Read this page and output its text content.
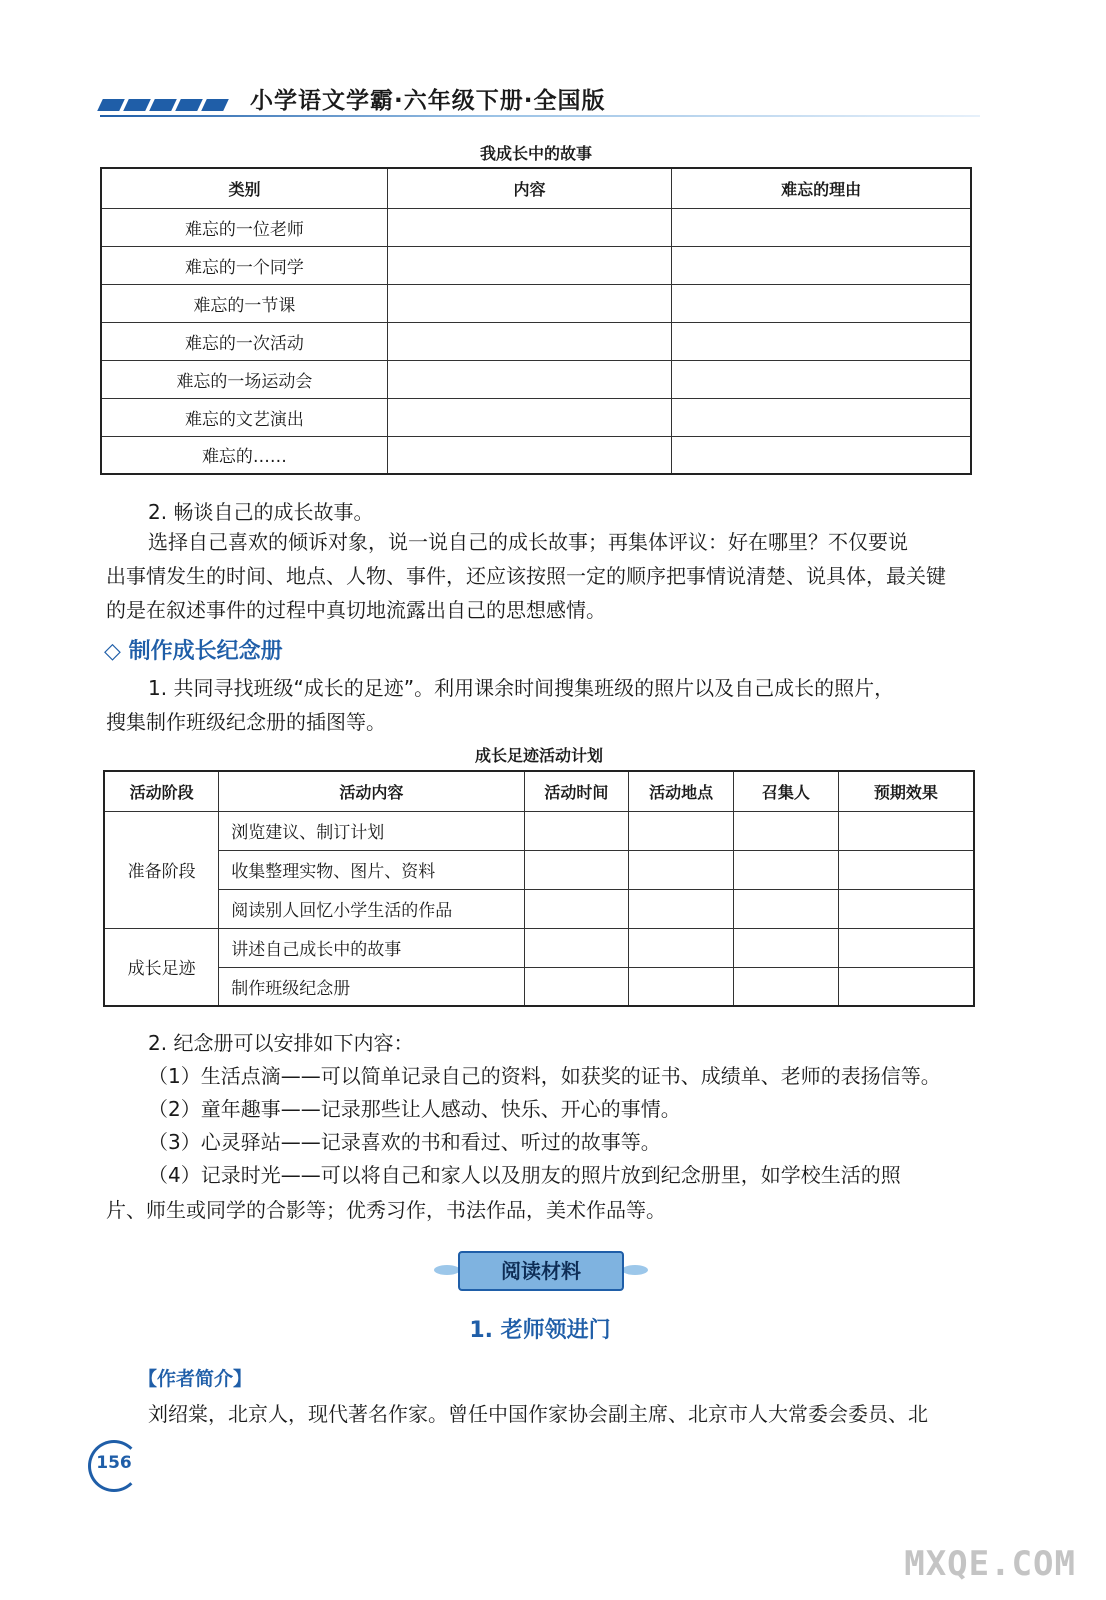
小学语文学霸·六年级下册·全国版
我成长中的故事
类别	内容	难忘的理由
难忘的一位老师		
难忘的一个同学		
难忘的一节课		
难忘的一次活动		
难忘的一场运动会		
难忘的文艺演出		
难忘的……		
2. 畅谈自己的成长故事。
选择自己喜欢的倾诉对象，说一说自己的成长故事；再集体评议：好在哪里？不仅要说
出事情发生的时间、地点、人物、事件，还应该按照一定的顺序把事情说清楚、说具体，最关键
的是在叙述事件的过程中真切地流露出自己的思想感情。
◇ 制作成长纪念册
1. 共同寻找班级“成长的足迹”。利用课余时间搜集班级的照片以及自己成长的照片，
搜集制作班级纪念册的插图等。
成长足迹活动计划
活动阶段	活动内容	活动时间	活动地点	召集人	预期效果
准备阶段	浏览建议、制订计划				
	收集整理实物、图片、资料				
	阅读别人回忆小学生活的作品				
成长足迹	讲述自己成长中的故事				
	制作班级纪念册				
2. 纪念册可以安排如下内容：
（1）生活点滴——可以简单记录自己的资料，如获奖的证书、成绩单、老师的表扬信等。
（2）童年趣事——记录那些让人感动、快乐、开心的事情。
（3）心灵驿站——记录喜欢的书和看过、听过的故事等。
（4）记录时光——可以将自己和家人以及朋友的照片放到纪念册里，如学校生活的照
片、师生或同学的合影等；优秀习作，书法作品，美术作品等。
阅读材料
1. 老师领进门
【作者简介】
刘绍棠，北京人，现代著名作家。曾任中国作家协会副主席、北京市人大常委会委员、北
156
MXQE.COM
